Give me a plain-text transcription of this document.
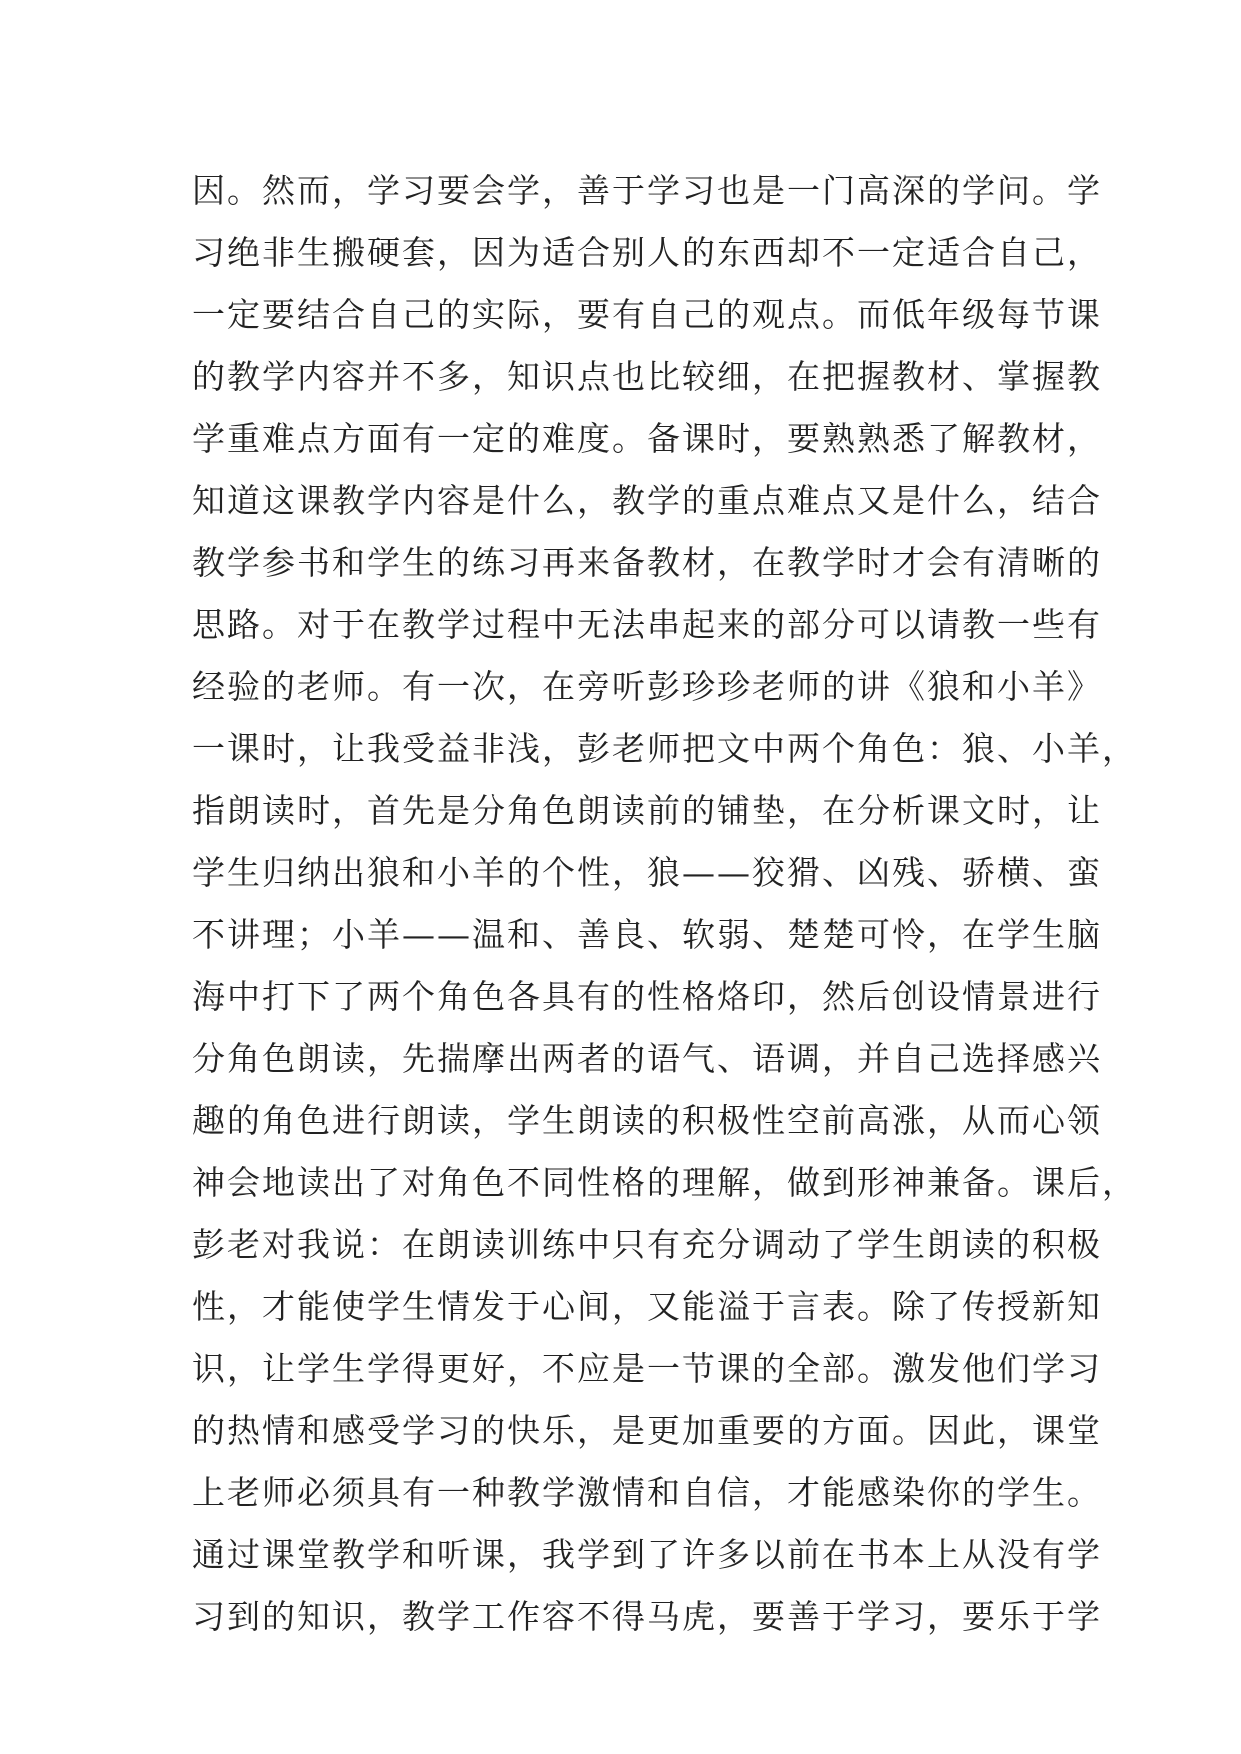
因。然而，学习要会学，善于学习也是一门高深的学问。学

习绝非生搬硬套，因为适合别人的东西却不一定适合自己，

一定要结合自己的实际，要有自己的观点。而低年级每节课

的教学内容并不多，知识点也比较细，在把握教材、掌握教

学重难点方面有一定的难度。备课时，要熟熟悉了解教材，

知道这课教学内容是什么，教学的重点难点又是什么，结合

教学参书和学生的练习再来备教材，在教学时才会有清晰的

思路。对于在教学过程中无法串起来的部分可以请教一些有

经验的老师。有一次，在旁听彭珍珍老师的讲《狼和小羊》

一课时，让我受益非浅，彭老师把文中两个角色：狼、小羊，

指朗读时，首先是分角色朗读前的铺垫，在分析课文时，让

学生归纳出狼和小羊的个性，狼——狡猾、凶残、骄横、蛮

不讲理；小羊——温和、善良、软弱、楚楚可怜，在学生脑

海中打下了两个角色各具有的性格烙印，然后创设情景进行

分角色朗读，先揣摩出两者的语气、语调，并自己选择感兴

趣的角色进行朗读，学生朗读的积极性空前高涨，从而心领

神会地读出了对角色不同性格的理解，做到形神兼备。课后，

彭老对我说：在朗读训练中只有充分调动了学生朗读的积极

性，才能使学生情发于心间，又能溢于言表。除了传授新知

识，让学生学得更好，不应是一节课的全部。激发他们学习

的热情和感受学习的快乐，是更加重要的方面。因此，课堂

上老师必须具有一种教学激情和自信，才能感染你的学生。

通过课堂教学和听课，我学到了许多以前在书本上从没有学

习到的知识，教学工作容不得马虎，要善于学习，要乐于学
